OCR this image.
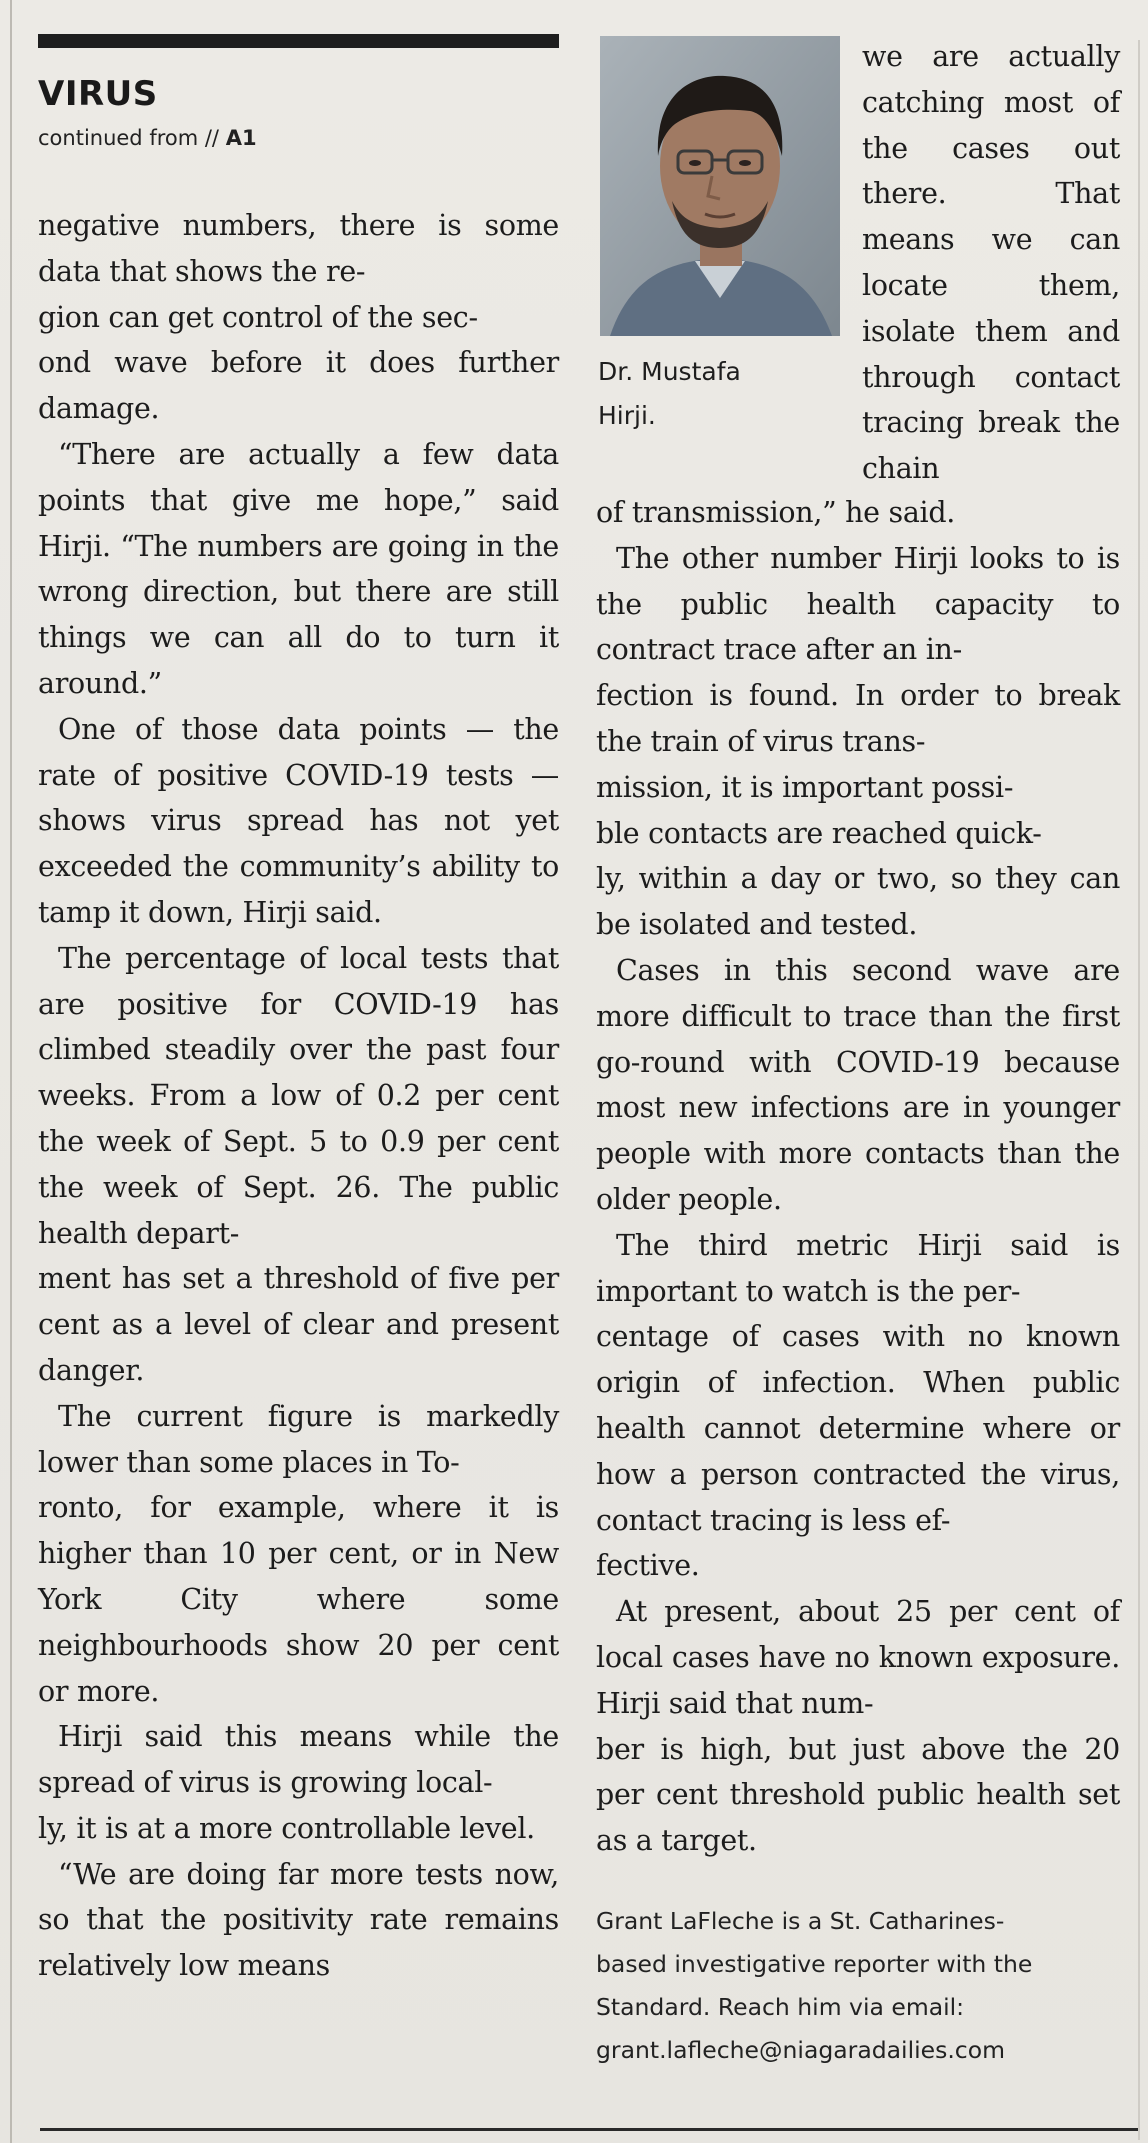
VIRUS
continued from // A1

negative numbers, there is some data that shows the re-
gion can get control of the sec-
ond wave before it does further damage.

“There are actually a few data points that give me hope,” said Hirji. “The numbers are going in the wrong direction, but there are still things we can all do to turn it around.”

One of those data points — the rate of positive COVID-19 tests — shows virus spread has not yet exceeded the community’s ability to tamp it down, Hirji said.

The percentage of local tests that are positive for COVID-19 has climbed steadily over the past four weeks. From a low of 0.2 per cent the week of Sept. 5 to 0.9 per cent the week of Sept. 26. The public health depart-
ment has set a threshold of five per cent as a level of clear and present danger.

The current figure is markedly lower than some places in To-
ronto, for example, where it is higher than 10 per cent, or in New York City where some neighbourhoods show 20 per cent or more.

Hirji said this means while the spread of virus is growing local-
ly, it is at a more controllable level.

“We are doing far more tests now, so that the positivity rate remains relatively low means

Dr. Mustafa
Hirji.
we are actually catching most of the cases out there. That means we can locate them, isolate them and through contact tracing break the chain

of transmission,” he said.

The other number Hirji looks to is the public health capacity to contract trace after an in-
fection is found. In order to break the train of virus trans-
mission, it is important possi-
ble contacts are reached quick-
ly, within a day or two, so they can be isolated and tested.

Cases in this second wave are more difficult to trace than the first go-round with COVID-19 because most new infections are in younger people with more contacts than the older people.

The third metric Hirji said is important to watch is the per-
centage of cases with no known origin of infection. When public health cannot determine where or how a person contracted the virus, contact tracing is less ef-
fective.

At present, about 25 per cent of local cases have no known exposure. Hirji said that num-
ber is high, but just above the 20 per cent threshold public health set as a target.

Grant LaFleche is a St. Catharines-
based investigative reporter with the
Standard. Reach him via email:
grant.lafleche@niagaradailies.com
